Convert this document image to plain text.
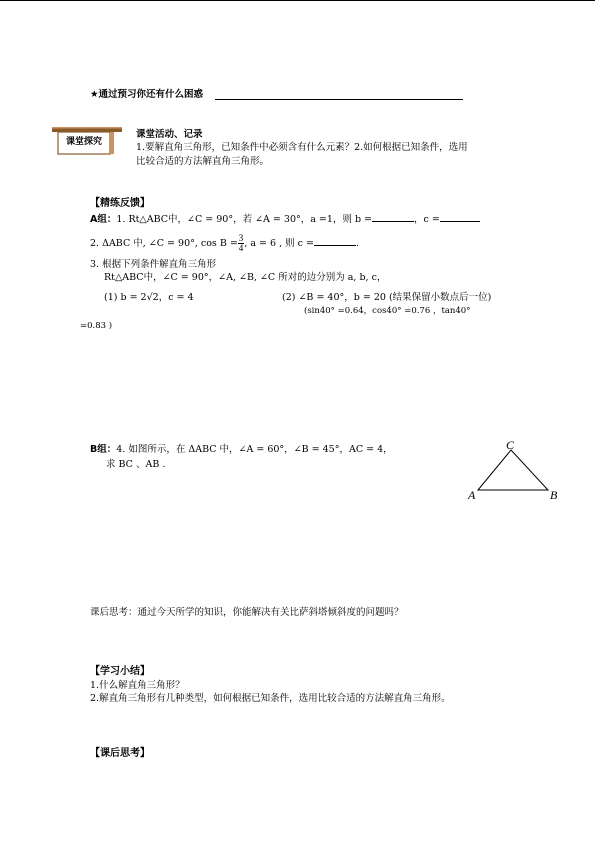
★通过预习你还有什么困惑
课堂探究
课堂活动、记录
1.要解直角三角形，已知条件中必须含有什么元素？2.如何根据已知条件，选用
比较合适的方法解直角三角形。
【精练反馈】
A组：1. Rt△ABC中，∠C = 90°，若 ∠A = 30°，a =1，则 b =	，c =
2. ΔABC 中, ∠C = 90°, $\cos B = \frac{3}{4}$ , a = 6 , 则 c =	.
3. 根据下列条件解直角三角形
Rt△ABC中，∠C = 90°，∠A, ∠B, ∠C 所对的边分别为 a, b, c，
(1) b = 2√2，c = 4	(2) ∠B = 40°，b = 20 (结果保留小数点后一位)
(sin40° =0.64，cos40° =0.76 ，tan40°
=0.83 )
B组：4. 如图所示，在 ΔABC 中，∠A = 60°，∠B = 45°，AC = 4，
求 BC 、AB .
A	B
C
课后思考：通过今天所学的知识，你能解决有关比萨斜塔倾斜度的问题吗？
【学习小结】
1.什么解直角三角形？
2.解直角三角形有几种类型，如何根据已知条件，选用比较合适的方法解直角三角形。
【课后思考】
